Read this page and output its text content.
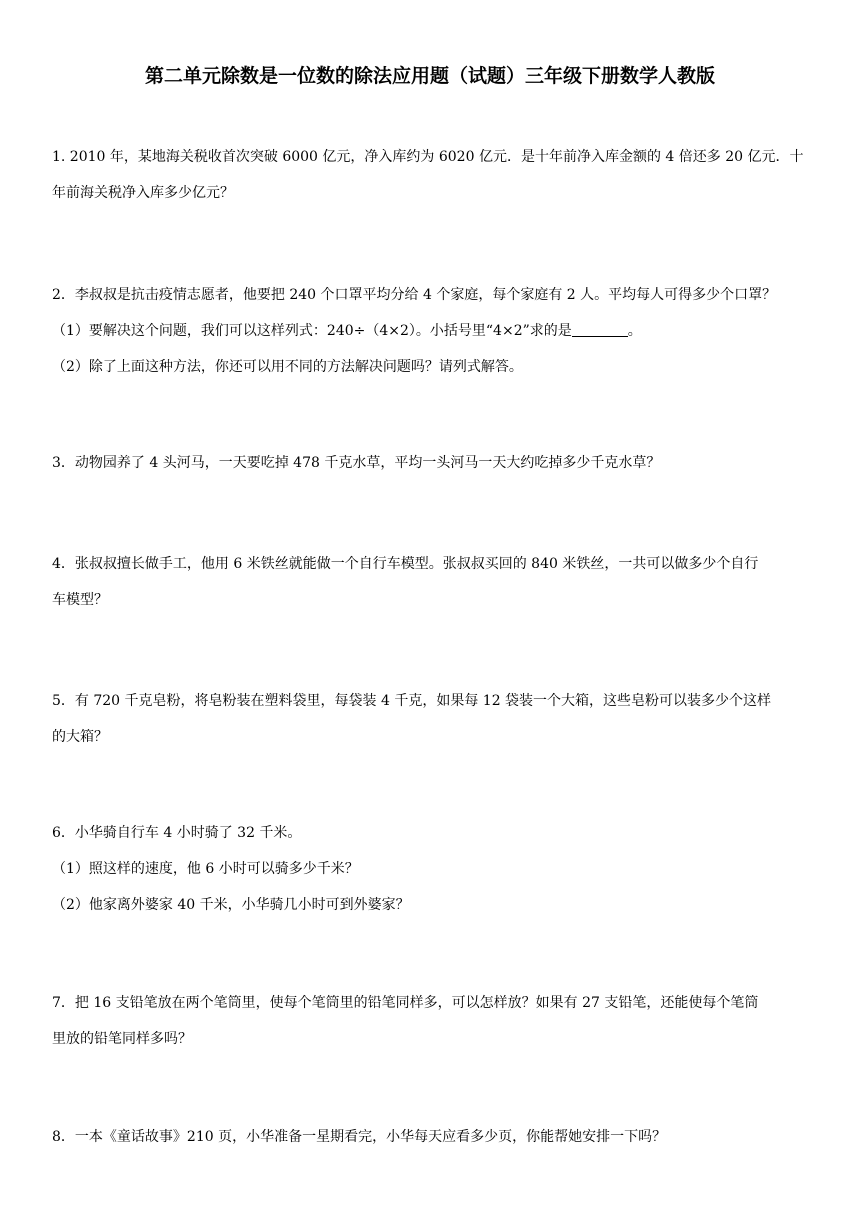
第二单元除数是一位数的除法应用题（试题）三年级下册数学人教版
1. 2010 年，某地海关税收首次突破 6000 亿元，净入库约为 6020 亿元．是十年前净入库金额的 4 倍还多 20 亿元．十
年前海关税净入库多少亿元？
2．李叔叔是抗击疫情志愿者，他要把 240 个口罩平均分给 4 个家庭，每个家庭有 2 人。平均每人可得多少个口罩？
（1）要解决这个问题，我们可以这样列式：240÷（4×2）。小括号里“4×2”求的是	。
（2）除了上面这种方法，你还可以用不同的方法解决问题吗？请列式解答。
3．动物园养了 4 头河马，一天要吃掉 478 千克水草，平均一头河马一天大约吃掉多少千克水草？
4．张叔叔擅长做手工，他用 6 米铁丝就能做一个自行车模型。张叔叔买回的 840 米铁丝，一共可以做多少个自行
车模型？
5．有 720 千克皂粉，将皂粉装在塑料袋里，每袋装 4 千克，如果每 12 袋装一个大箱，这些皂粉可以装多少个这样
的大箱？
6．小华骑自行车 4 小时骑了 32 千米。
（1）照这样的速度，他 6 小时可以骑多少千米？
（2）他家离外婆家 40 千米，小华骑几小时可到外婆家？
7．把 16 支铅笔放在两个笔筒里，使每个笔筒里的铅笔同样多，可以怎样放？如果有 27 支铅笔，还能使每个笔筒
里放的铅笔同样多吗？
8．一本《童话故事》210 页，小华准备一星期看完，小华每天应看多少页，你能帮她安排一下吗？
